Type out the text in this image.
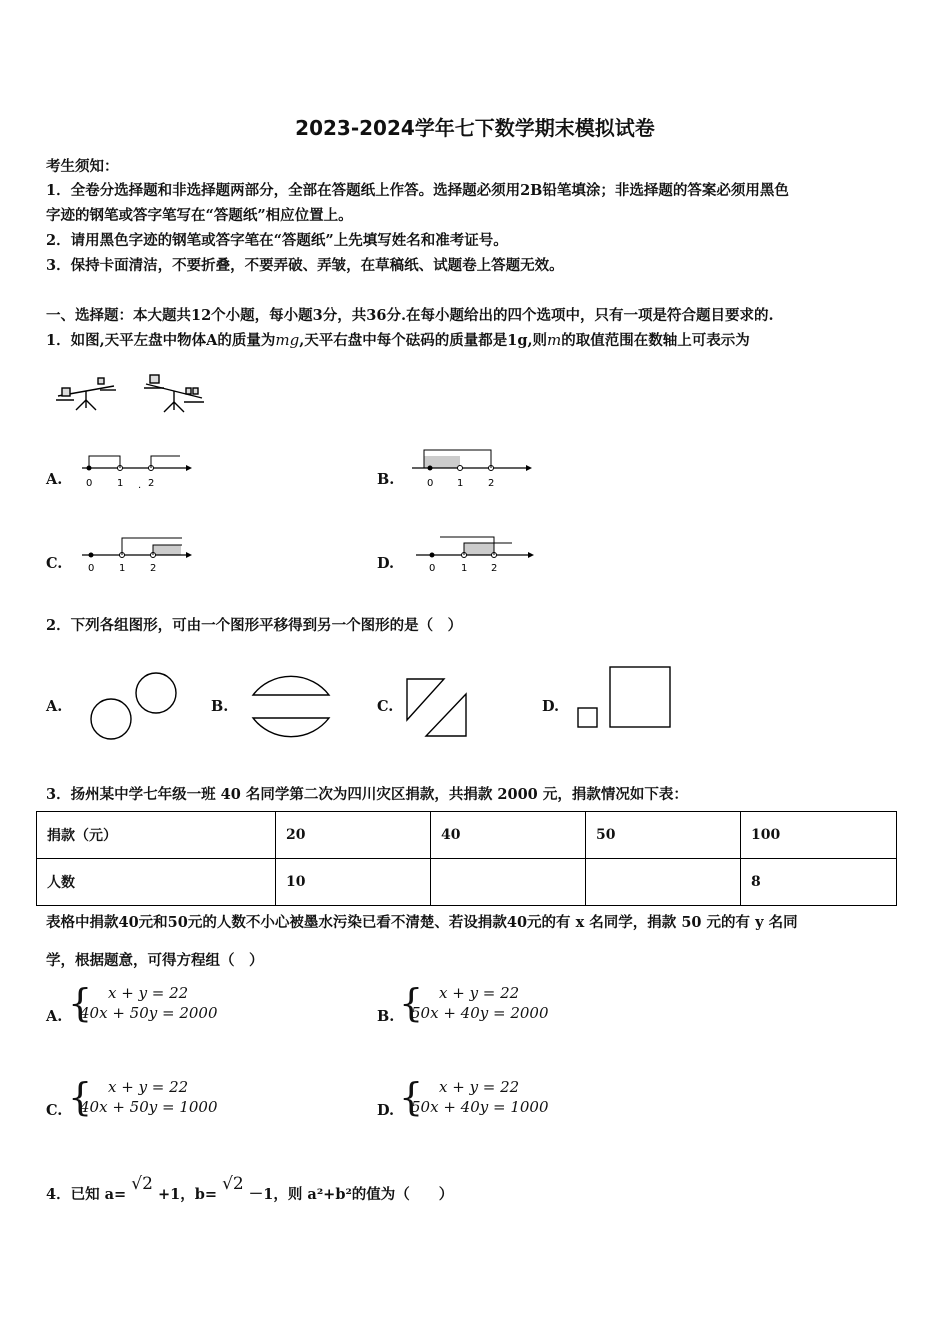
2023-2024学年七下数学期末模拟试卷
考生须知：
1．全卷分选择题和非选择题两部分，全部在答题纸上作答。选择题必须用2B铅笔填涂；非选择题的答案必须用黑色
字迹的钢笔或答字笔写在“答题纸”相应位置上。
2．请用黑色字迹的钢笔或答字笔在“答题纸”上先填写姓名和准考证号。
3．保持卡面清洁，不要折叠，不要弄破、弄皱，在草稿纸、试题卷上答题无效。
一、选择题：本大题共12个小题，每小题3分，共36分.在每小题给出的四个选项中，只有一项是符合题目要求的.
1．如图,天平左盘中物体A的质量为mg,天平右盘中每个砝码的质量都是1g,则m的取值范围在数轴上可表示为
A. 0 1 . 2	B.	0 1 2
C.	0 1 2	D.	0	1 2
2．下列各组图形，可由一个图形平移得到另一个图形的是（　）
A.	B.	C.	D.
3．扬州某中学七年级一班 40 名同学第二次为四川灾区捐款，共捐款 2000 元，捐款情况如下表：
捐款（元）	20	40	50	100
人数	10			8
表格中捐款40元和50元的人数不小心被墨水污染已看不清楚、若设捐款40元的有 x 名同学，捐款 50 元的有 y 名同
学，根据题意，可得方程组（　）
A. { x + y = 22
40x + 50y = 2000	B. { x + y = 22
50x + 40y = 2000
C. { x + y = 22
40x + 50y = 1000	D. { x + y = 22
50x + 40y = 1000
4．已知 a= √2 +1，b= √2 －1，则 a²+b²的值为（　　）
